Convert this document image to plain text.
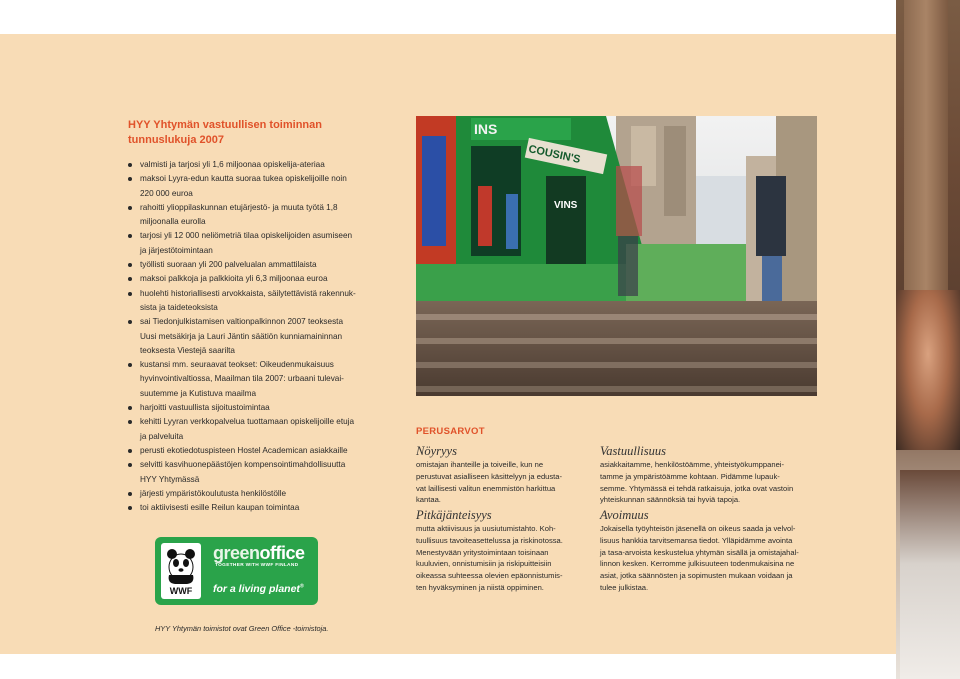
HYY Yhtymän vastuullisen toiminnan
tunnuslukuja 2007
valmisti ja tarjosi yli 1,6 miljoonaa opiskelija-ateriaa
maksoi Lyyra-edun kautta suoraa tukea opiskelijoille noin
220 000 euroa
rahoitti ylioppilaskunnan etujärjestö- ja muuta työtä 1,8
miljoonalla eurolla
tarjosi yli 12 000 neliömetriä tilaa opiskelijoiden asumiseen
ja järjestötoimintaan
työllisti suoraan yli 200 palvelualan ammattilaista
maksoi palkkoja ja palkkioita yli 6,3 miljoonaa euroa
huolehti historiallisesti arvokkaista, säilytettävistä rakennuk-
sista ja taideteoksista
sai Tiedonjulkistamisen valtionpalkinnon 2007 teoksesta
Uusi metsäkirja ja Lauri Jäntin säätiön kunniamaininnan
teoksesta Viestejä saarilta
kustansi mm. seuraavat teokset: Oikeudenmukaisuus
hyvinvointivaltiossa, Maailman tila 2007: urbaani tulevai-
suutemme ja Kutistuva maailma
harjoitti vastuullista sijoitustoimintaa
kehitti Lyyran verkkopalvelua tuottamaan opiskelijoille etuja
ja palveluita
perusti ekotiedotuspisteen Hostel Academican asiakkaille
selvitti kasvihuonepäästöjen kompensointimahdollisuutta
HYY Yhtymässä
järjesti ympäristökoulutusta henkilöstölle
toi aktiivisesti esille Reilun kaupan toimintaa
WWF
greenoffice
TOGETHER WITH WWF FINLAND
for a living planet®
HYY Yhtymän toimistot ovat Green Office -toimistoja.
INS
COUSIN'S
VINS
PERUSARVOT
Nöyryys
omistajan ihanteille ja toiveille, kun ne
perustuvat asialliseen käsittelyyn ja edusta-
vat laillisesti valitun enemmistön harkittua
kantaa.
Pitkäjänteisyys
mutta aktiivisuus ja uusiutumistahto. Koh-
tuullisuus tavoiteasettelussa ja riskinotossa.
Menestyvään yritystoimintaan toisinaan
kuuluvien, onnistumisiin ja riskipuitteisiin
oikeassa suhteessa olevien epäonnistumis-
ten hyväksyminen ja niistä oppiminen.
Vastuullisuus
asiakkaitamme, henkilöstöämme, yhteistyökumppanei-
tamme ja ympäristöämme kohtaan. Pidämme lupauk-
semme. Yhtymässä ei tehdä ratkaisuja, jotka ovat vastoin
yhteiskunnan säännöksiä tai hyviä tapoja.
Avoimuus
Jokaisella työyhteisön jäsenellä on oikeus saada ja velvol-
lisuus hankkia tarvitsemansa tiedot. Ylläpidämme avointa
ja tasa-arvoista keskustelua yhtymän sisällä ja omistajahal-
linnon kesken. Kerromme julkisuuteen todenmukaisina ne
asiat, jotka säännösten ja sopimusten mukaan voidaan ja
tulee julkistaa.
